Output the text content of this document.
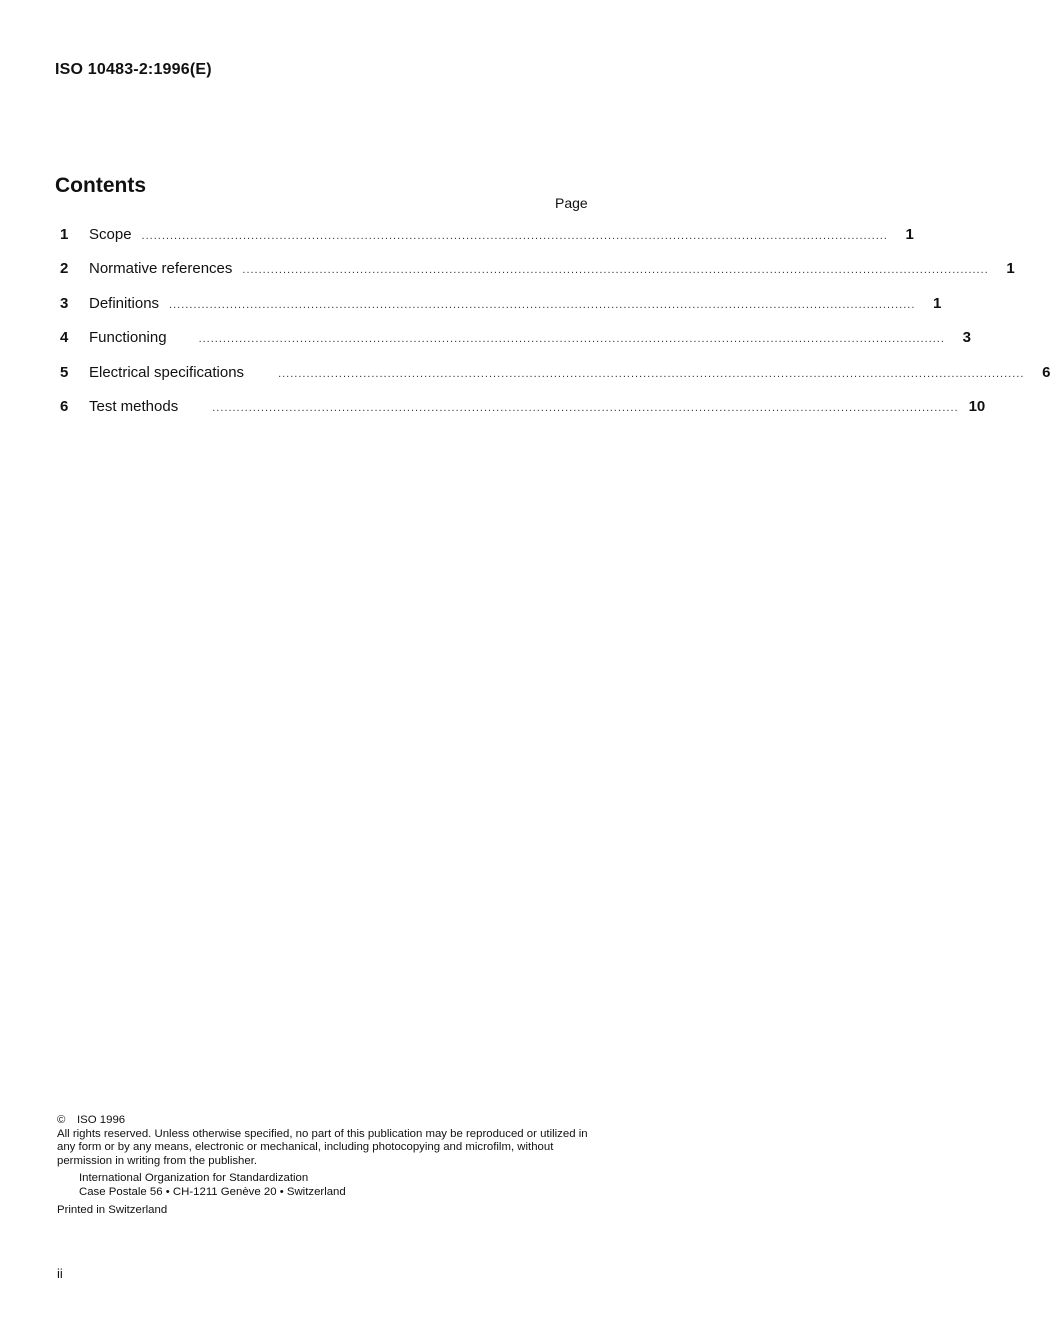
ISO 10483-2:1996(E)
Contents
Page
1	Scope ........................................................................................................................................................................................	1
2	Normative references ........................................................................................................................................................................................	1
3	Definitions ........................................................................................................................................................................................	1
4	Functioning	........................................................................................................................................................................................	3
5	Electrical specifications	........................................................................................................................................................................................	6
6	Test methods	........................................................................................................................................................................................ 10

© ISO 1996

All rights reserved. Unless otherwise specified, no part of this publication may be reproduced or utilized in any form or by any means, electronic or mechanical, including photocopying and microfilm, without permission in writing from the publisher.

International Organization for Standardization

Case Postale 56 • CH-1211 Genève 20 • Switzerland

Printed in Switzerland

ii
